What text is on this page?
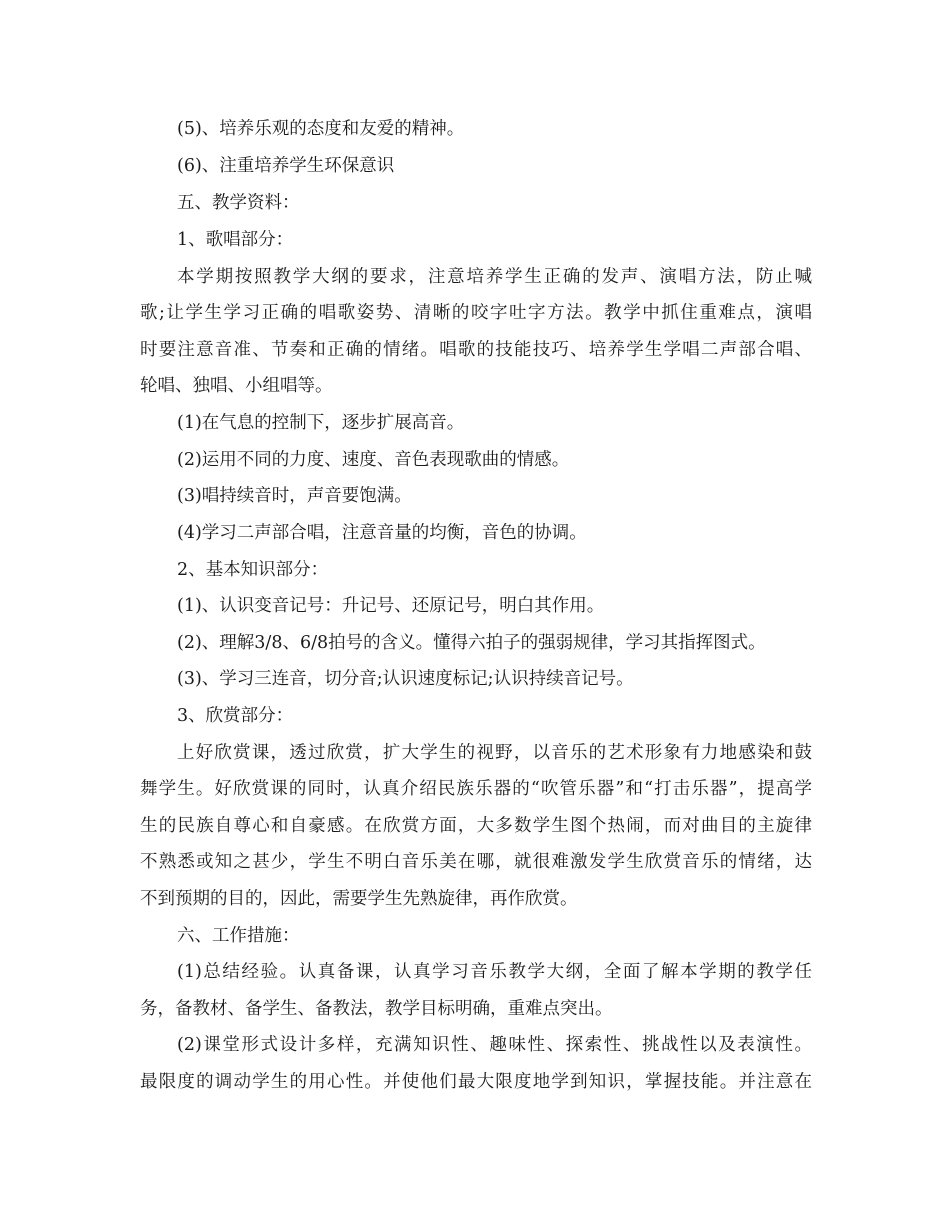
(5)、培养乐观的态度和友爱的精神。
(6)、注重培养学生环保意识
五、教学资料：
1、歌唱部分：
本学期按照教学大纲的要求，注意培养学生正确的发声、演唱方法，防止喊
歌;让学生学习正确的唱歌姿势、清晰的咬字吐字方法。教学中抓住重难点，演唱
时要注意音准、节奏和正确的情绪。唱歌的技能技巧、培养学生学唱二声部合唱、
轮唱、独唱、小组唱等。
(1)在气息的控制下，逐步扩展高音。
(2)运用不同的力度、速度、音色表现歌曲的情感。
(3)唱持续音时，声音要饱满。
(4)学习二声部合唱，注意音量的均衡，音色的协调。
2、基本知识部分：
(1)、认识变音记号：升记号、还原记号，明白其作用。
(2)、理解3/8、6/8拍号的含义。懂得六拍子的强弱规律，学习其指挥图式。
(3)、学习三连音，切分音;认识速度标记;认识持续音记号。
3、欣赏部分：
上好欣赏课，透过欣赏，扩大学生的视野，以音乐的艺术形象有力地感染和鼓
舞学生。好欣赏课的同时，认真介绍民族乐器的“吹管乐器”和“打击乐器”，提高学
生的民族自尊心和自豪感。在欣赏方面，大多数学生图个热闹，而对曲目的主旋律
不熟悉或知之甚少，学生不明白音乐美在哪，就很难激发学生欣赏音乐的情绪，达
不到预期的目的，因此，需要学生先熟旋律，再作欣赏。
六、工作措施：
(1)总结经验。认真备课，认真学习音乐教学大纲，全面了解本学期的教学任
务，备教材、备学生、备教法，教学目标明确，重难点突出。
(2)课堂形式设计多样，充满知识性、趣味性、探索性、挑战性以及表演性。
最限度的调动学生的用心性。并使他们最大限度地学到知识，掌握技能。并注意在
